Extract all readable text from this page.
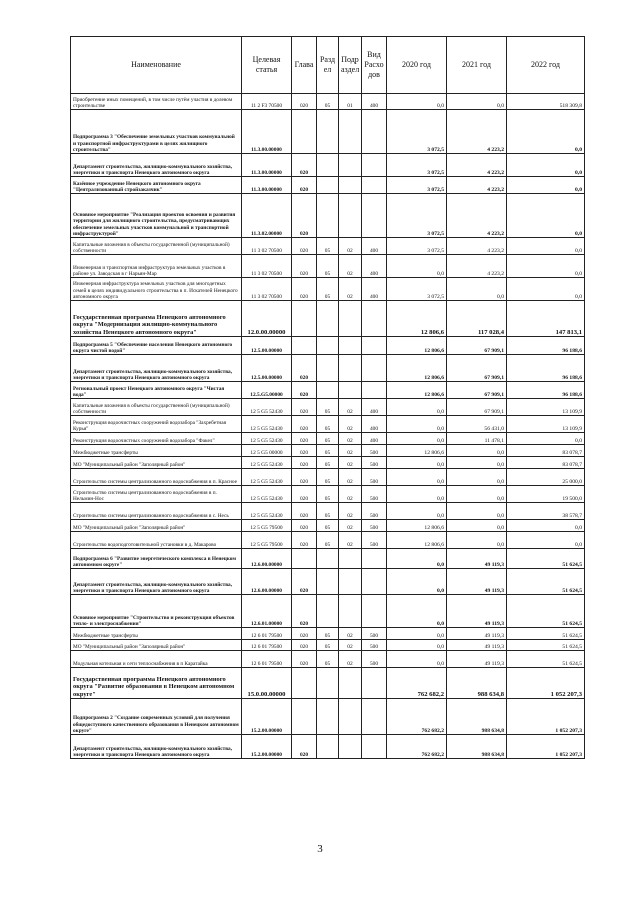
Наименование	Целевая статья	Глава	Разд ел	Подр аздел	Вид Расхо дов	2020 год	2021 год	2022 год
Приобретение иных помещений, в том числе путём участия в долевом строительстве	11 2 F3 70500	020	05	01	400	0,0	0,0	518 309,8
Подпрограмма 3 "Обеспечение земельных участков коммунальной и транспортной инфраструктурами в целях жилищного строительства"	11.3.00.00000					3 072,5	4 223,2	0,0
Департамент строительства, жилищно-коммунального хозяйства, энергетики и транспорта Ненецкого автономного округа	11.3.00.00000	020				3 072,5	4 223,2	0,0
Казённое учреждение Ненецкого автономного округа "Централизованный стройзаказчик"	11.3.00.00000	020				3 072,5	4 223,2	0,0
Основное мероприятие "Реализация проектов освоения и развития территории для жилищного строительства, предусматривающих обеспечение земельных участков коммунальной и транспортной инфраструктурой"	11.3.02.00000	020				3 072,5	4 223,2	0,0
Капитальные вложения в объекты государственной (муниципальной) собственности	11 3 02 70500	020	05	02	400	3 072,5	4 223,2	0,0
Инженерная и транспортная инфраструктура земельных участков в районе ул. Заводская в г Нарьян-Мар	11 3 02 70500	020	05	02	400	0,0	4 223,2	0,0
Инженерная инфраструктура земельных участков для многодетных семей в целях индивидуального строительства в п. Искателей Ненецкого автономного округа	11 3 02 70500	020	05	02	400	3 072,5	0,0	0,0
Государственная программа Ненецкого автономного округа "Модернизация жилищно-коммунального хозяйства Ненецкого автономного округа"	12.0.00.00000					12 806,6	117 028,4	147 813,1
Подпрограмма 5 "Обеспечение населения Ненецкого автономного округа чистой водой"	12.5.00.00000					12 806,6	67 909,1	96 188,6
Департамент строительства, жилищно-коммунального хозяйства, энергетики и транспорта Ненецкого автономного округа	12.5.00.00000	020				12 806,6	67 909,1	96 188,6
Региональный проект Ненецкого автономного округа "Чистая вода"	12.5.G5.00000	020				12 806,6	67 909,1	96 188,6
Капитальные вложения в объекты государственной (муниципальной) собственности	12 5 G5 52430	020	05	02	400	0,0	67 909,1	13 109,9
Реконструкция водоочистных сооружений водозабора "Захребетная Курья"	12 5 G5 52430	020	05	02	400	0,0	56 431,0	13 109,9
Реконструкция водоочистных сооружений водозабора "Факел"	12 5 G5 52430	020	05	02	400	0,0	11 478,1	0,0
Межбюджетные трансферты	12 5 G5 00000	020	05	02	500	12 806,6	0,0	83 078,7
МО "Муниципальный район "Заполярный район"	12 5 G5 52430	020	05	02	500	0,0	0,0	83 078,7
Строительство системы централизованного водоснабжения в п. Красное	12 5 G5 52430	020	05	02	500	0,0	0,0	25 000,0
Строительство системы централизованного водоснабжения в п. Нельмин-Нос	12 5 G5 52430	020	05	02	500	0,0	0,0	19 500,0
Строительство системы централизованного водоснабжения в с. Несь	12 5 G5 52430	020	05	02	500	0,0	0,0	38 578,7
МО "Муниципальный район "Заполярный район"	12 5 G5 79500	020	05	02	500	12 806,6	0,0	0,0
Строительство водоподготовительной установки в д. Макарово	12 5 G5 79500	020	05	02	500	12 806,6	0,0	0,0
Подпрограмма 6 "Развитие энергетического комплекса в Ненецком автономном округе"	12.6.00.00000					0,0	49 119,3	51 624,5
Департамент строительства, жилищно-коммунального хозяйства, энергетики и транспорта Ненецкого автономного округа	12.6.00.00000	020				0,0	49 119,3	51 624,5
Основное мероприятие "Строительство и реконструкция объектов тепло- и электроснабжения"	12.6.01.00000	020				0,0	49 119,3	51 624,5
Межбюджетные трансферты	12 6 01 79500	020	05	02	500	0,0	49 119,3	51 624,5
МО "Муниципальный район "Заполярный район"	12 6 01 79500	020	05	02	500	0,0	49 119,3	51 624,5
Модульная котельная и сети теплоснабжения в п Каратайка	12 6 01 79500	020	05	02	500	0,0	49 119,3	51 624,5
Государственная программа Ненецкого автономного округа "Развитие образования в Ненецком автономном округе"	15.0.00.00000					762 682,2	988 634,8	1 052 207,3
Подпрограмма 2 "Создание современных условий для получения общедоступного качественного образования в Ненецком автономном округе"	15.2.00.00000					762 682,2	988 634,8	1 052 207,3
Департамент строительства, жилищно-коммунального хозяйства, энергетики и транспорта Ненецкого автономного округа	15.2.00.00000	020				762 682,2	988 634,8	1 052 207,3
3
